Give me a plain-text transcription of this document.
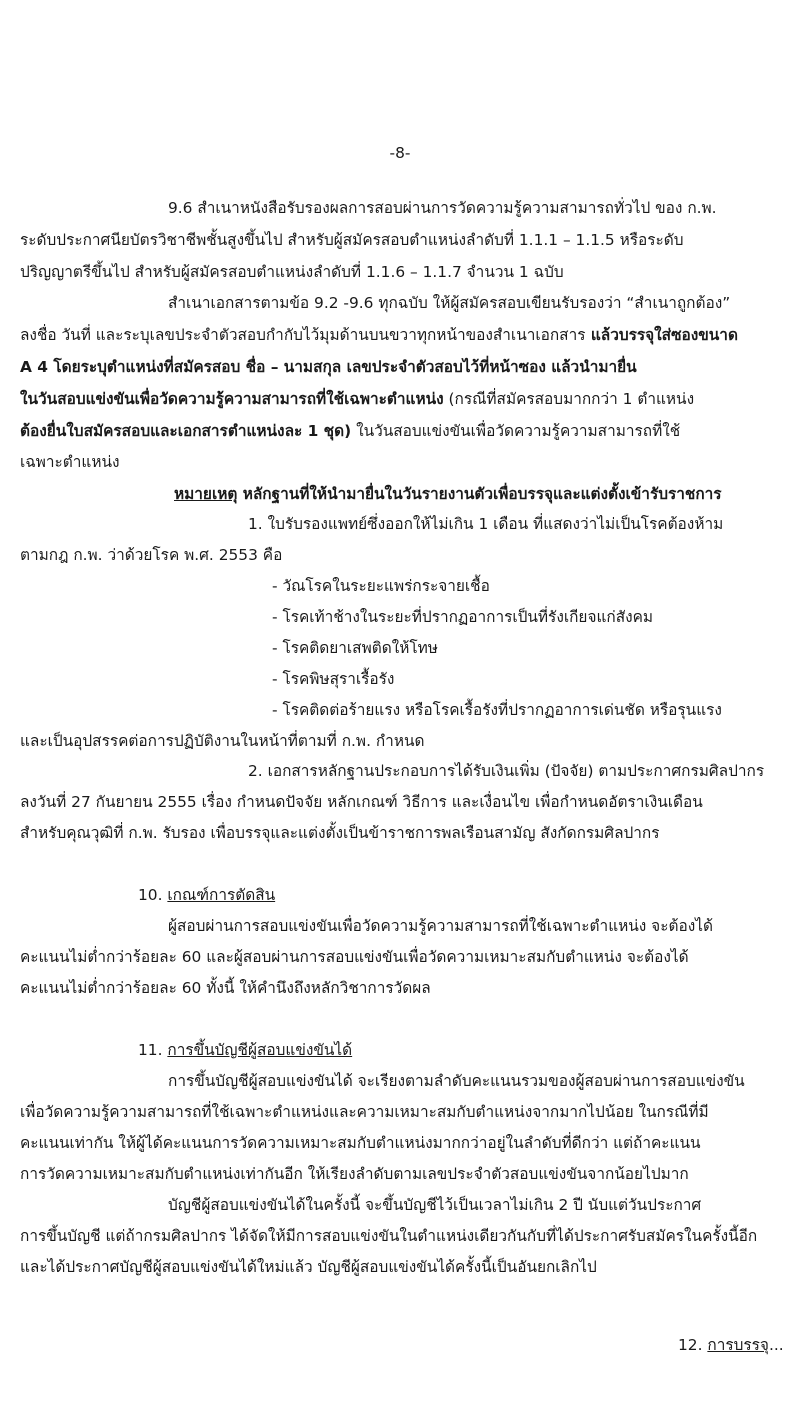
-8-
9.6 สำเนาหนังสือรับรองผลการสอบผ่านการวัดความรู้ความสามารถทั่วไป ของ ก.พ.
ระดับประกาศนียบัตรวิชาชีพชั้นสูงขึ้นไป สำหรับผู้สมัครสอบตำแหน่งลำดับที่ 1.1.1 – 1.1.5 หรือระดับ
ปริญญาตรีขึ้นไป สำหรับผู้สมัครสอบตำแหน่งลำดับที่ 1.1.6 – 1.1.7 จำนวน 1 ฉบับ
สำเนาเอกสารตามข้อ 9.2 -9.6 ทุกฉบับ ให้ผู้สมัครสอบเขียนรับรองว่า “สำเนาถูกต้อง”
ลงชื่อ วันที่ และระบุเลขประจำตัวสอบกำกับไว้มุมด้านบนขวาทุกหน้าของสำเนาเอกสาร แล้วบรรจุใส่ซองขนาด
A 4 โดยระบุตำแหน่งที่สมัครสอบ ชื่อ – นามสกุล เลขประจำตัวสอบไว้ที่หน้าซอง แล้วนำมายื่น
ในวันสอบแข่งขันเพื่อวัดความรู้ความสามารถที่ใช้เฉพาะตำแหน่ง (กรณีที่สมัครสอบมากกว่า 1 ตำแหน่ง
ต้องยื่นใบสมัครสอบและเอกสารตำแหน่งละ 1 ชุด) ในวันสอบแข่งขันเพื่อวัดความรู้ความสามารถที่ใช้
เฉพาะตำแหน่ง
หมายเหตุ หลักฐานที่ให้นำมายื่นในวันรายงานตัวเพื่อบรรจุและแต่งตั้งเข้ารับราชการ
1. ใบรับรองแพทย์ซึ่งออกให้ไม่เกิน 1 เดือน ที่แสดงว่าไม่เป็นโรคต้องห้าม
ตามกฎ ก.พ. ว่าด้วยโรค พ.ศ. 2553 คือ
- วัณโรคในระยะแพร่กระจายเชื้อ
- โรคเท้าช้างในระยะที่ปรากฏอาการเป็นที่รังเกียจแก่สังคม
- โรคติดยาเสพติดให้โทษ
- โรคพิษสุราเรื้อรัง
- โรคติดต่อร้ายแรง หรือโรคเรื้อรังที่ปรากฏอาการเด่นชัด หรือรุนแรง
และเป็นอุปสรรคต่อการปฏิบัติงานในหน้าที่ตามที่ ก.พ. กำหนด
2. เอกสารหลักฐานประกอบการได้รับเงินเพิ่ม (ปัจจัย) ตามประกาศกรมศิลปากร
ลงวันที่ 27 กันยายน 2555 เรื่อง กำหนดปัจจัย หลักเกณฑ์ วิธีการ และเงื่อนไข เพื่อกำหนดอัตราเงินเดือน
สำหรับคุณวุฒิที่ ก.พ. รับรอง เพื่อบรรจุและแต่งตั้งเป็นข้าราชการพลเรือนสามัญ สังกัดกรมศิลปากร
10. เกณฑ์การตัดสิน
ผู้สอบผ่านการสอบแข่งขันเพื่อวัดความรู้ความสามารถที่ใช้เฉพาะตำแหน่ง จะต้องได้
คะแนนไม่ต่ำกว่าร้อยละ 60 และผู้สอบผ่านการสอบแข่งขันเพื่อวัดความเหมาะสมกับตำแหน่ง จะต้องได้
คะแนนไม่ต่ำกว่าร้อยละ 60 ทั้งนี้ ให้คำนึงถึงหลักวิชาการวัดผล
11. การขึ้นบัญชีผู้สอบแข่งขันได้
การขึ้นบัญชีผู้สอบแข่งขันได้ จะเรียงตามลำดับคะแนนรวมของผู้สอบผ่านการสอบแข่งขัน
เพื่อวัดความรู้ความสามารถที่ใช้เฉพาะตำแหน่งและความเหมาะสมกับตำแหน่งจากมากไปน้อย ในกรณีที่มี
คะแนนเท่ากัน ให้ผู้ได้คะแนนการวัดความเหมาะสมกับตำแหน่งมากกว่าอยู่ในลำดับที่ดีกว่า แต่ถ้าคะแนน
การวัดความเหมาะสมกับตำแหน่งเท่ากันอีก ให้เรียงลำดับตามเลขประจำตัวสอบแข่งขันจากน้อยไปมาก
บัญชีผู้สอบแข่งขันได้ในครั้งนี้ จะขึ้นบัญชีไว้เป็นเวลาไม่เกิน 2 ปี นับแต่วันประกาศ
การขึ้นบัญชี แต่ถ้ากรมศิลปากร ได้จัดให้มีการสอบแข่งขันในตำแหน่งเดียวกันกับที่ได้ประกาศรับสมัครในครั้งนี้อีก
และได้ประกาศบัญชีผู้สอบแข่งขันได้ใหม่แล้ว บัญชีผู้สอบแข่งขันได้ครั้งนี้เป็นอันยกเลิกไป
12. การบรรจุ...
